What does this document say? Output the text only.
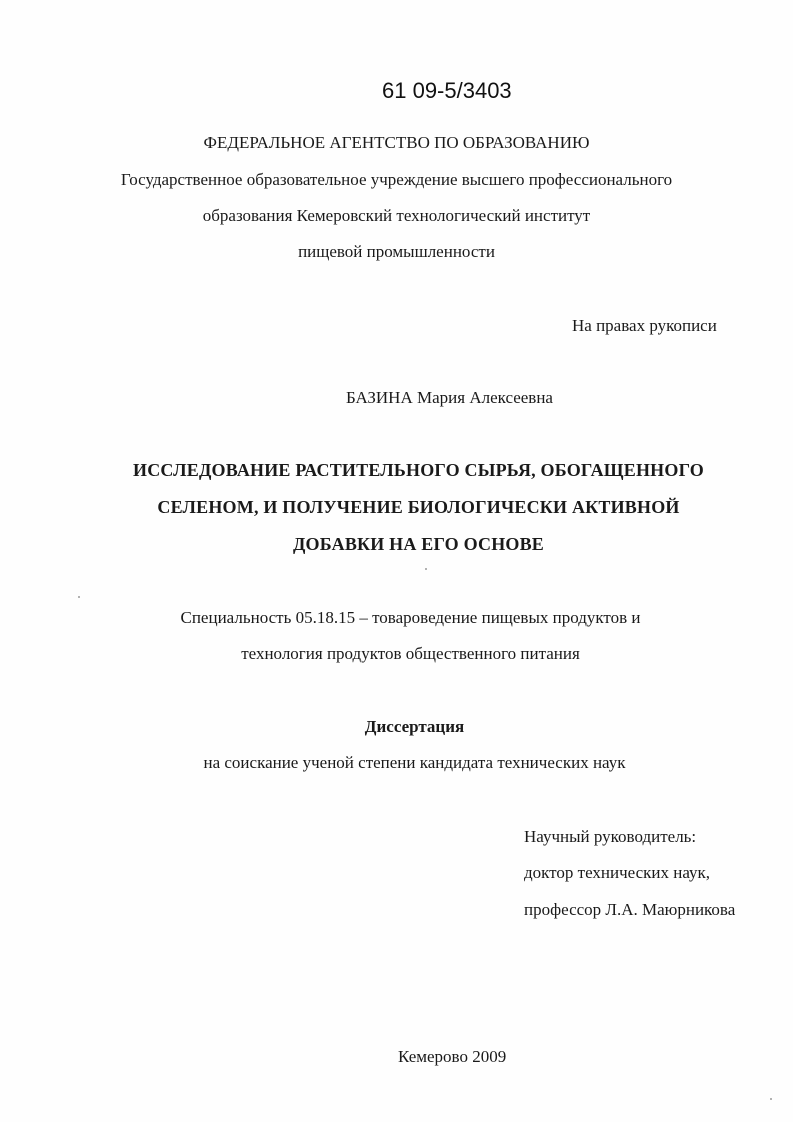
61 09-5/3403
ФЕДЕРАЛЬНОЕ АГЕНТСТВО ПО ОБРАЗОВАНИЮ
Государственное образовательное учреждение высшего профессионального
образования Кемеровский технологический институт
пищевой промышленности
На правах рукописи
БАЗИНА Мария Алексеевна
ИССЛЕДОВАНИЕ РАСТИТЕЛЬНОГО СЫРЬЯ, ОБОГАЩЕННОГО
СЕЛЕНОМ, И ПОЛУЧЕНИЕ БИОЛОГИЧЕСКИ АКТИВНОЙ
ДОБАВКИ НА ЕГО ОСНОВЕ
Специальность 05.18.15 – товароведение пищевых продуктов и
технология продуктов общественного питания
Диссертация
на соискание ученой степени кандидата технических наук
Научный руководитель:
доктор технических наук,
профессор Л.А. Маюрникова
Кемерово 2009
